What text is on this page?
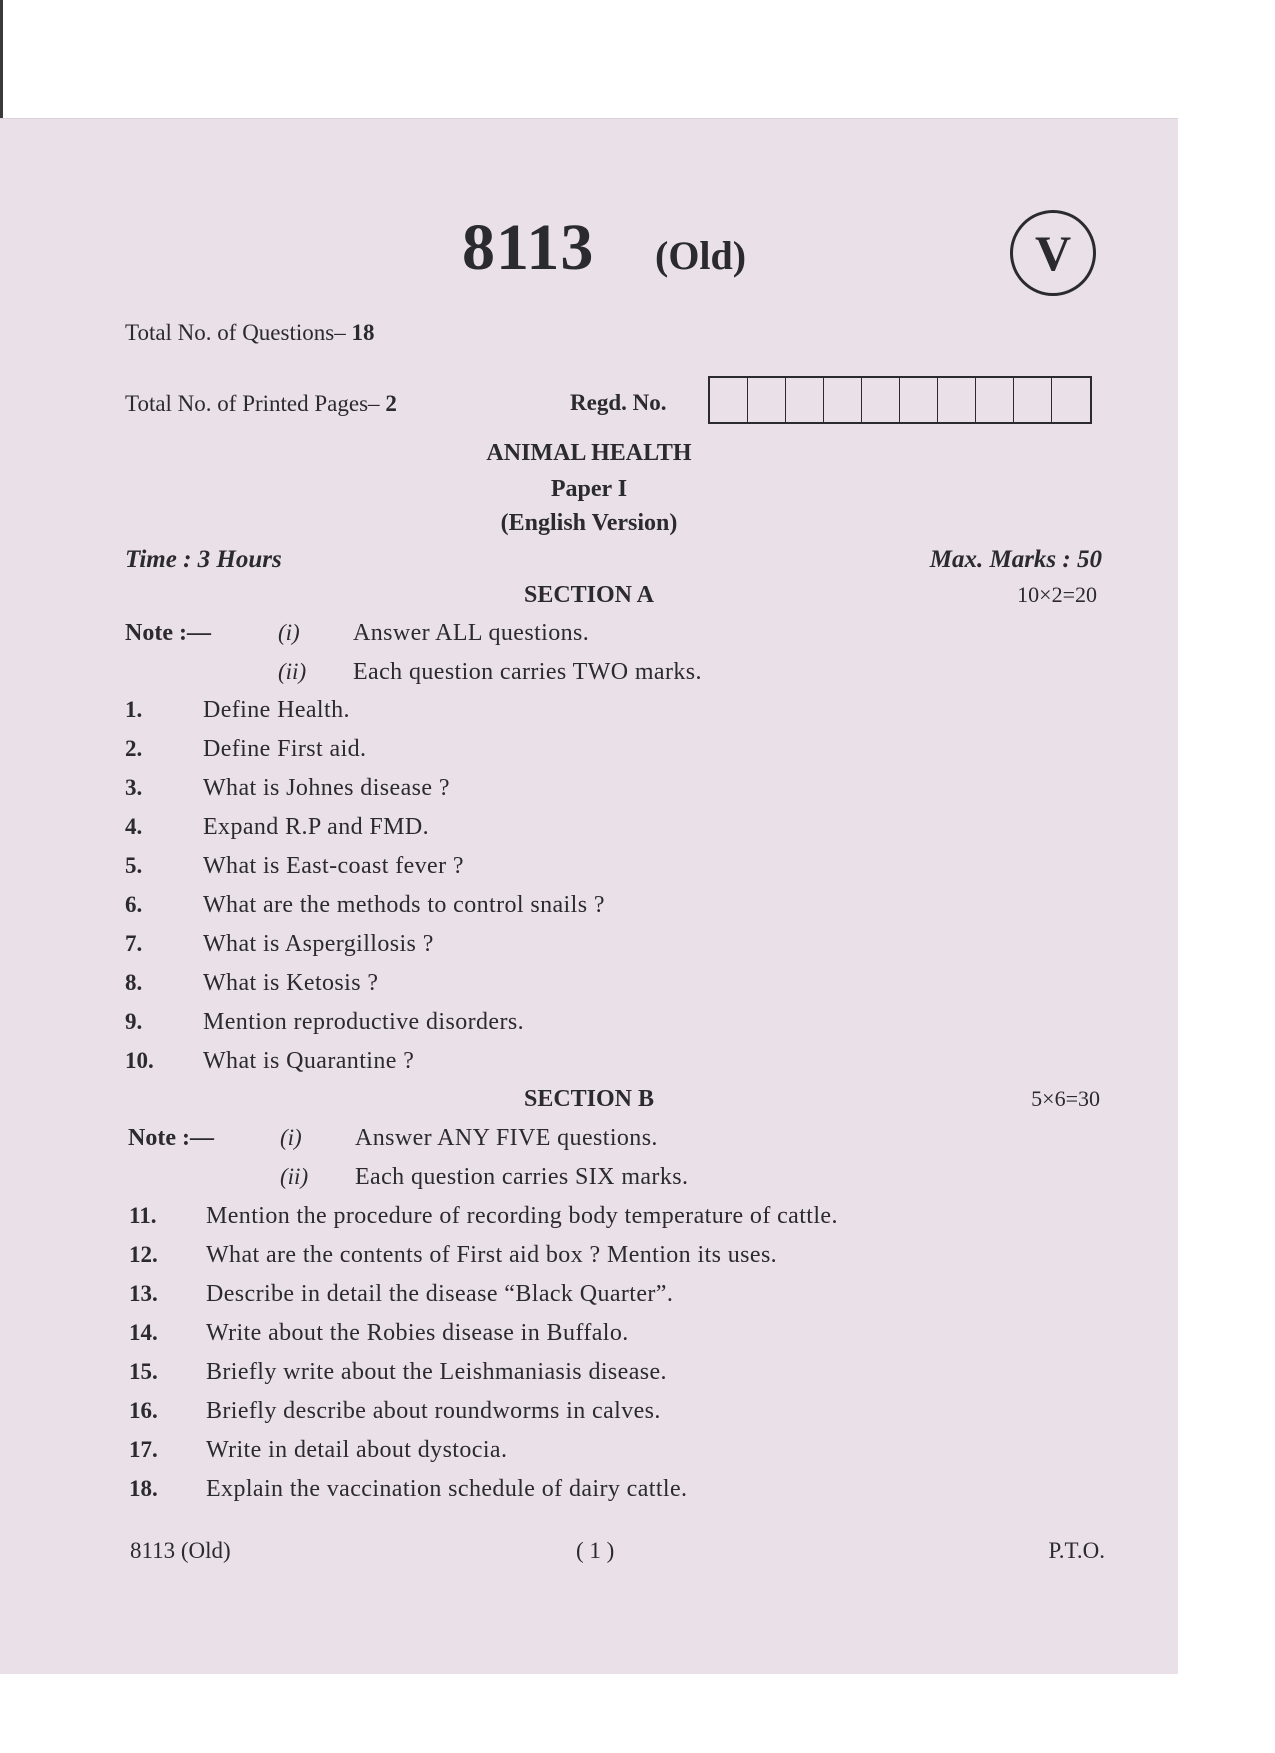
8113 (Old)	V
Total No. of Questions– 18
Total No. of Printed Pages– 2	Regd. No.
ANIMAL HEALTH
Paper I
(English Version)
Time : 3 Hours	Max. Marks : 50
SECTION A	10×2=20
Note :—	(i) Answer ALL questions.
(ii) Each question carries TWO marks.
1.	Define Health.
2.	Define First aid.
3.	What is Johnes disease ?
4.	Expand R.P and FMD.
5.	What is East-coast fever ?
6.	What are the methods to control snails ?
7.	What is Aspergillosis ?
8.	What is Ketosis ?
9.	Mention reproductive disorders.
10. What is Quarantine ?
SECTION B	5×6=30
Note :—	(i) Answer ANY FIVE questions.
(ii) Each question carries SIX marks.
11. Mention the procedure of recording body temperature of cattle.
12. What are the contents of First aid box ? Mention its uses.
13. Describe in detail the disease “Black Quarter”.
14. Write about the Robies disease in Buffalo.
15. Briefly write about the Leishmaniasis disease.
16. Briefly describe about roundworms in calves.
17. Write in detail about dystocia.
18. Explain the vaccination schedule of dairy cattle.
8113 (Old)	( 1 )	P.T.O.
